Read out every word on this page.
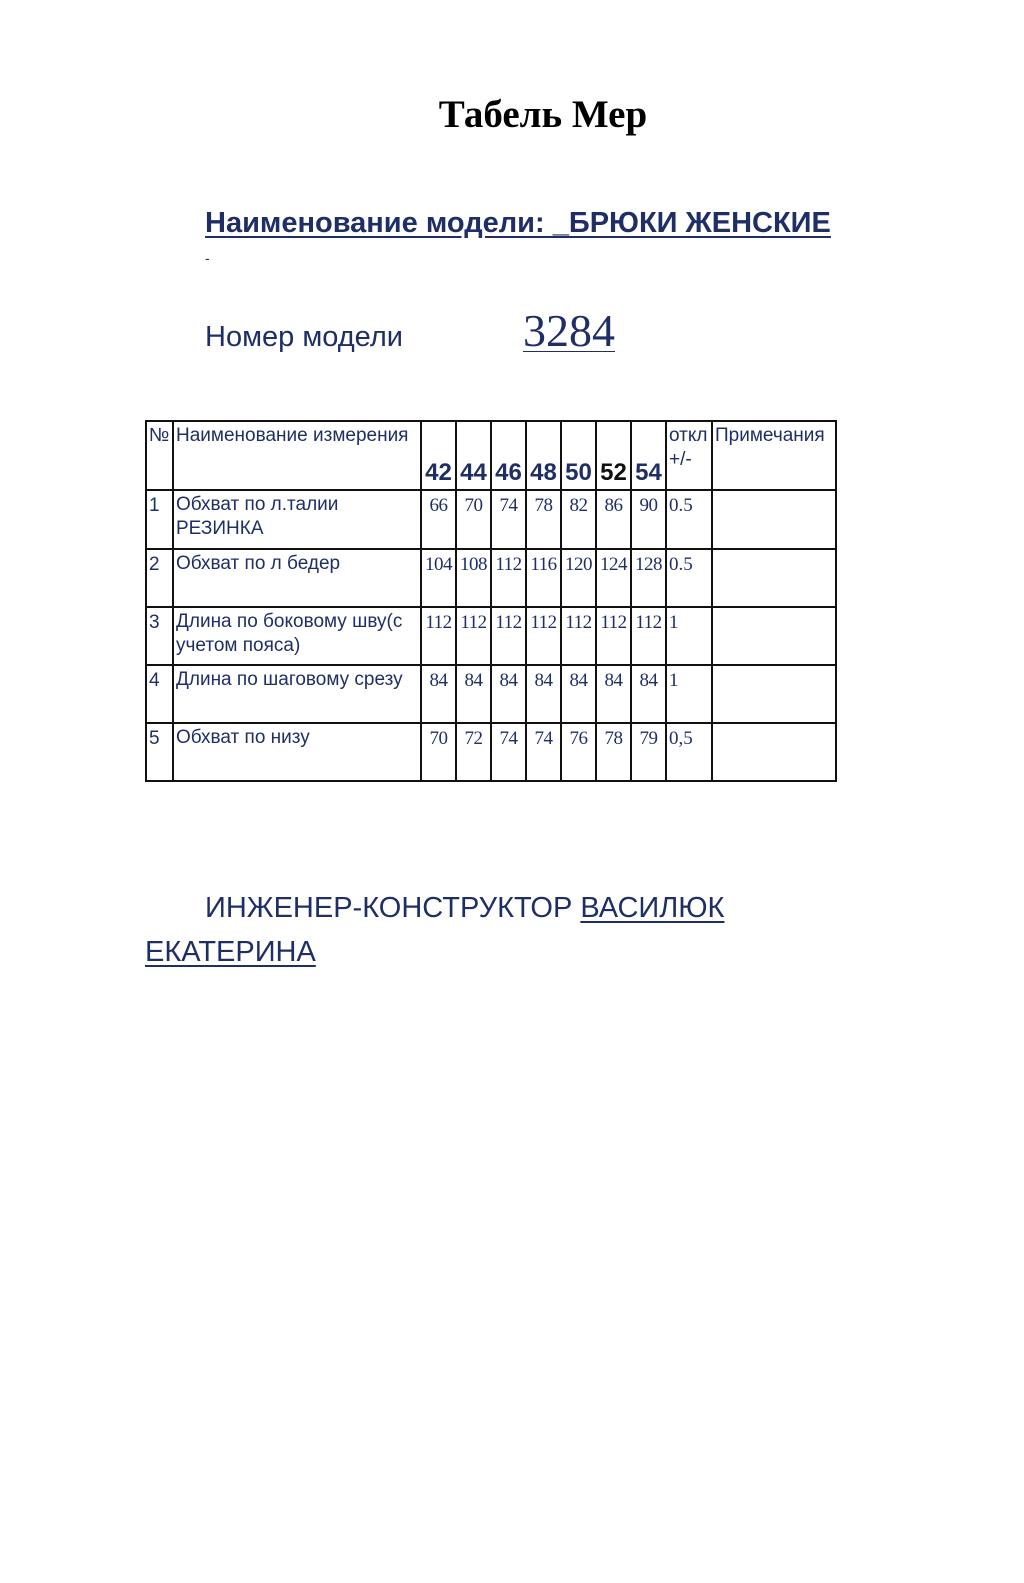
Табель Мер

Наименование модели: _БРЮКИ ЖЕНСКИЕ

-

Номер модели	3284
№	Наименование измерения	42	44	46	48	50	52	54	откл +/-	Примечания

1	Обхват по л.талии РЕЗИНКА	66	70	74	78	82	86	90	0.5	
2	Обхват по л бедер	104	108	112	116	120	124	128	0.5	
3	Длина по боковому шву(с учетом пояса)	112	112	112	112	112	112	112	1	
4	Длина по шаговому срезу	84	84	84	84	84	84	84	1	
5	Обхват по низу	70	72	74	74	76	78	79	0,5	

ИНЖЕНЕР-КОНСТРУКТОР ВАСИЛЮК ЕКАТЕРИНА
